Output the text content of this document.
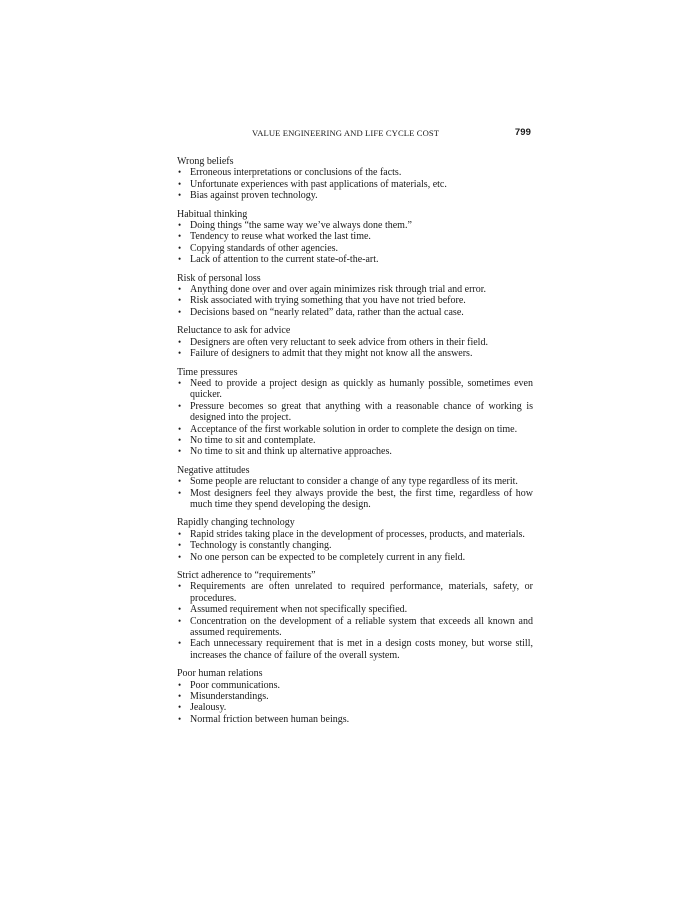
VALUE ENGINEERING AND LIFE CYCLE COST	799
Wrong beliefs
• Erroneous interpretations or conclusions of the facts.
• Unfortunate experiences with past applications of materials, etc.
• Bias against proven technology.
Habitual thinking
• Doing things “the same way we’ve always done them.”
• Tendency to reuse what worked the last time.
• Copying standards of other agencies.
• Lack of attention to the current state-of-the-art.
Risk of personal loss
• Anything done over and over again minimizes risk through trial and error.
• Risk associated with trying something that you have not tried before.
• Decisions based on “nearly related” data, rather than the actual case.
Reluctance to ask for advice
• Designers are often very reluctant to seek advice from others in their field.
• Failure of designers to admit that they might not know all the answers.
Time pressures
• Need to provide a project design as quickly as humanly possible, sometimes even quicker.
• Pressure becomes so great that anything with a reasonable chance of working is designed into the project.
• Acceptance of the first workable solution in order to complete the design on time.
• No time to sit and contemplate.
• No time to sit and think up alternative approaches.
Negative attitudes
• Some people are reluctant to consider a change of any type regardless of its merit.
• Most designers feel they always provide the best, the first time, regardless of how much time they spend developing the design.
Rapidly changing technology
• Rapid strides taking place in the development of processes, products, and materials.
• Technology is constantly changing.
• No one person can be expected to be completely current in any field.
Strict adherence to “requirements”
• Requirements are often unrelated to required performance, materials, safety, or procedures.
• Assumed requirement when not specifically specified.
• Concentration on the development of a reliable system that exceeds all known and assumed requirements.
• Each unnecessary requirement that is met in a design costs money, but worse still, increases the chance of failure of the overall system.
Poor human relations
• Poor communications.
• Misunderstandings.
• Jealousy.
• Normal friction between human beings.
